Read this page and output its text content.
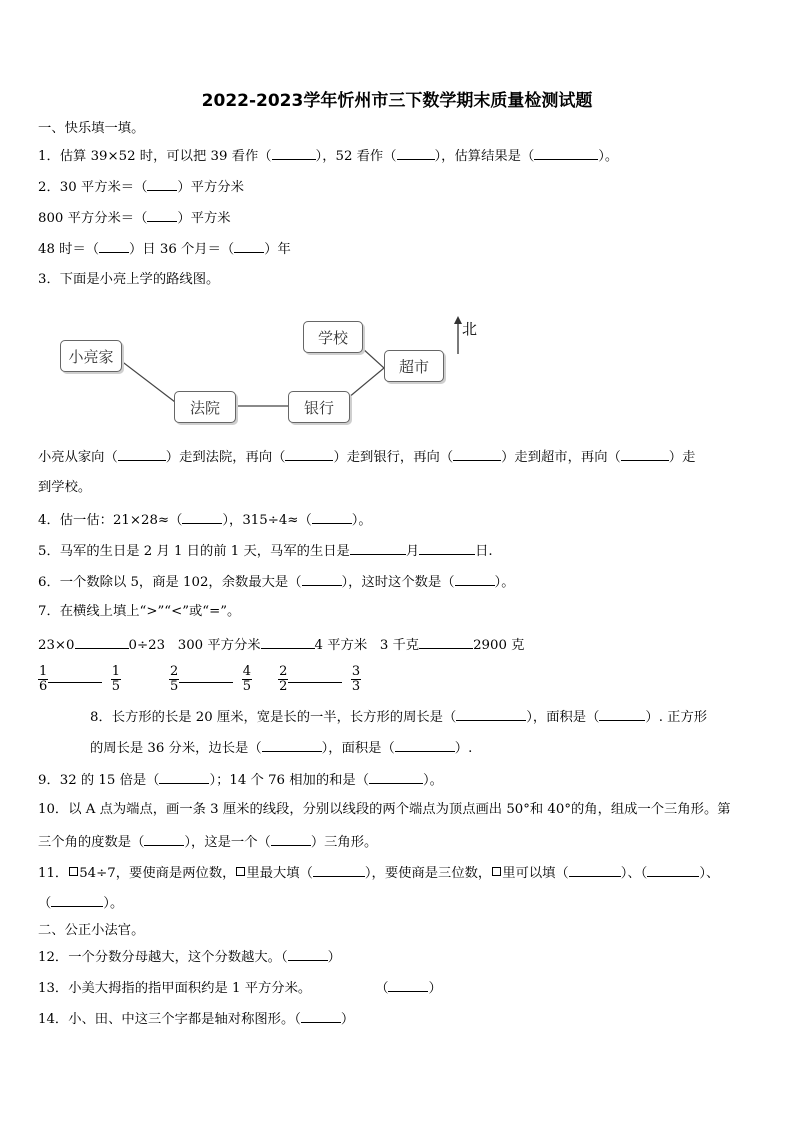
2022-2023学年忻州市三下数学期末质量检测试题
一、快乐填一填。
1．估算 39×52 时，可以把 39 看作（	），52 看作（	），估算结果是（	）。
2．30 平方米＝（ ）平方分米
800 平方分米＝（ ）平方米
48 时＝（ ）日 36 个月＝（ ）年
3．下面是小亮上学的路线图。
小亮家
法院	银行
学校
超市
北
小亮从家向（	）走到法院，再向（	）走到银行，再向（	）走到超市，再向（	）走
到学校。
4．估一估：21×28≈（	），315÷4≈（	）。
5．马军的生日是 2 月 1 日的前 1 天，马军的生日是	月	日.
6．一个数除以 5，商是 102，余数最大是（	），这时这个数是（	）。
7．在横线上填上“>”“<”或“=”。
23×0	0÷23 300 平方分米	4 平方米 3 千克	2900 克
$\frac{1}{6}$
	$\frac{1}{5}$	$\frac{2}{5}$
	$\frac{4}{5} \frac{2}{2}$
	$\frac{3}{3}$
8．长方形的长是 20 厘米，宽是长的一半，长方形的周长是（	），面积是（	）. 正方形
的周长是 36 分米，边长是（	），面积是（	）.
9．32 的 15 倍是（	）；14 个 76 相加的和是（	）。
10．以 A 点为端点，画一条 3 厘米的线段，分别以线段的两个端点为顶点画出 50°和 40°的角，组成一个三角形。第
三个角的度数是（	），这是一个（	）三角形。
11． 54÷7，要使商是两位数， 里最大填（	），要使商是三位数， 里可以填（	）、（	）、
（	）。
二、公正小法官。
12．一个分数分母越大，这个分数越大。（	）
13．小美大拇指的指甲面积约是 1 平方分米。	（	）
14．小、田、中这三个字都是轴对称图形。（	）
